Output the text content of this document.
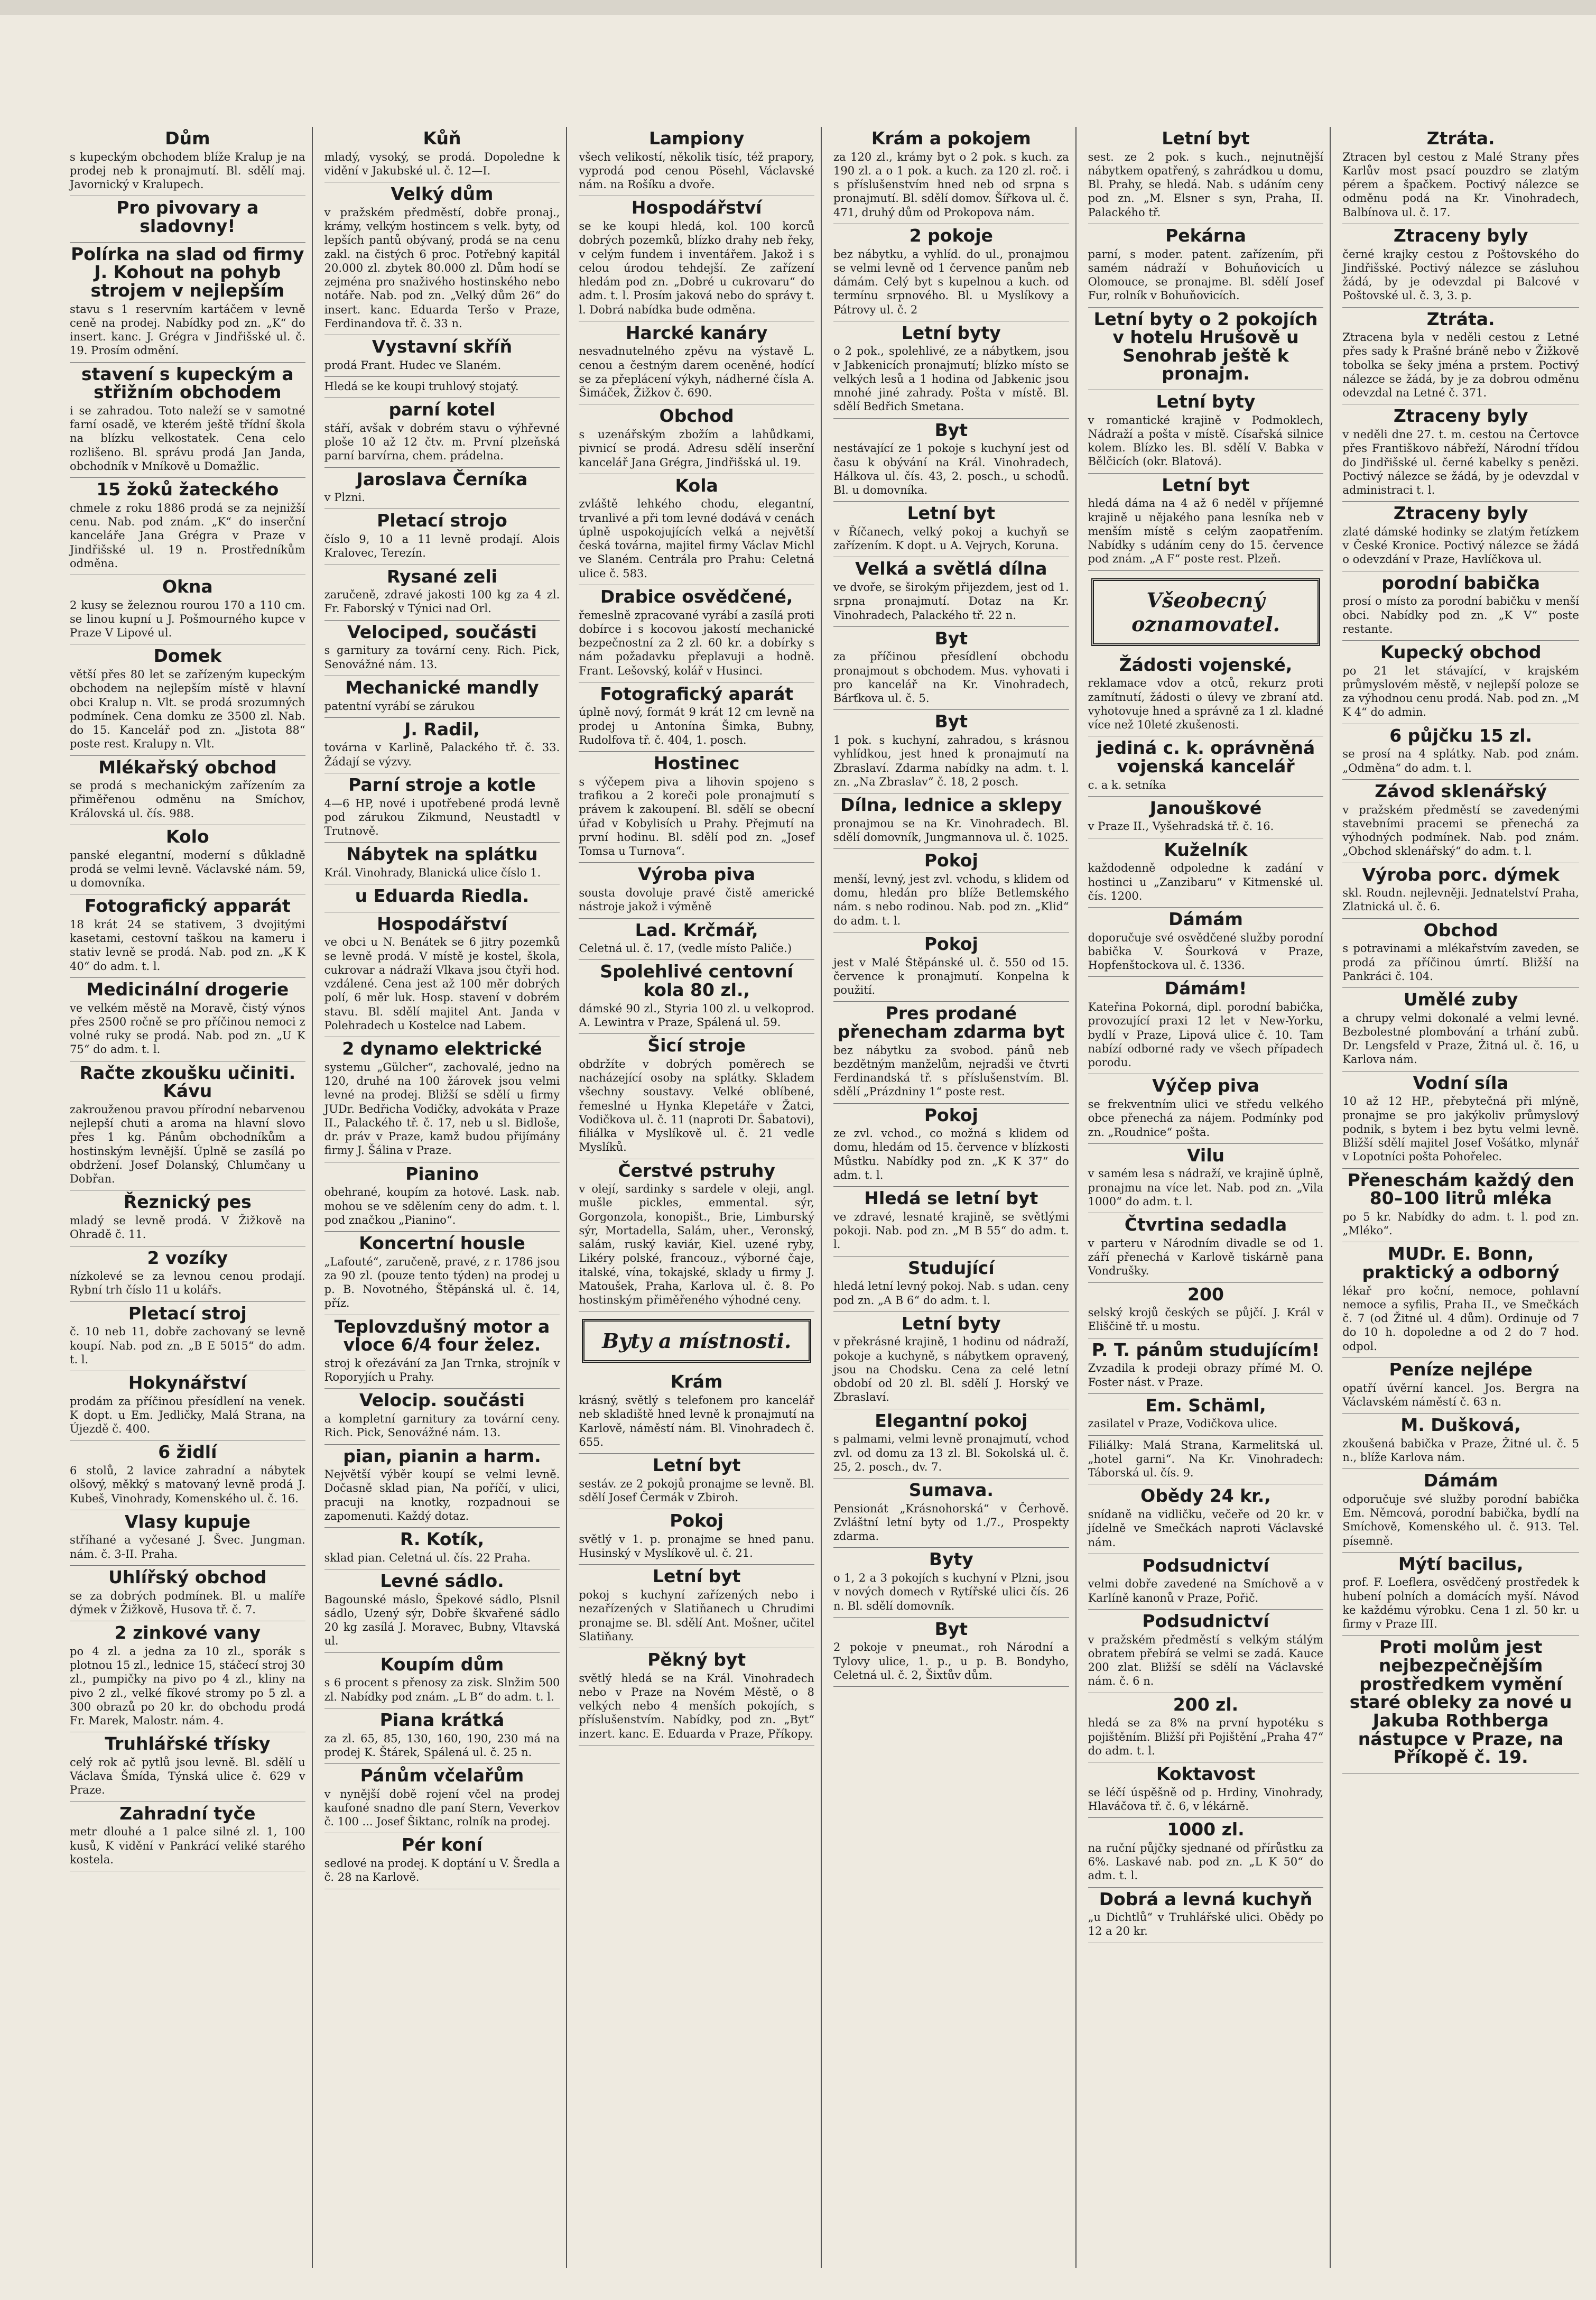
Dům

s kupeckým obchodem blíže Kralup je na prodej neb k pronajmutí. Bl. sdělí maj. Javornický v Kralupech.

Pro pivovary a sladovny!
Polírka na slad od firmy J. Kohout na pohyb strojem v nejlepším

stavu s 1 reservním kartáčem v levně ceně na prodej. Nabídky pod zn. „K“ do insert. kanc. J. Grégra v Jindřišské ul. č. 19. Prosím odmění.

stavení s kupeckým a střižním obchodem

i se zahradou. Toto naleží se v samotné farní osadě, ve kterém ještě třídní škola na blízku velkostatek. Cena celo rozlišeno. Bl. správu prodá Jan Janda, obchodník v Mníkově u Domažlic.

15 žoků žateckého

chmele z roku 1886 prodá se za nejnižší cenu. Nab. pod znám. „K“ do inserční kanceláře Jana Grégra v Praze v Jindřišské ul. 19 n. Prostředníkům odměna.

Okna

2 kusy se železnou rourou 170 a 110 cm. se linou kupní u J. Pošmourného kupce v Praze V Lipové ul.

Domek

větší přes 80 let se zařízeným kupeckým obchodem na nejlepším místě v hlavní obci Kralup n. Vlt. se prodá srozumných podmínek. Cena domku ze 3500 zl. Nab. do 15. Kancelář pod zn. „Jistota 88“ poste rest. Kralupy n. Vlt.

Mlékařský obchod

se prodá s mechanickým zařízením za přiměřenou odměnu na Smíchov, Královská ul. čís. 988.

Kolo

panské elegantní, moderní s důkladně prodá se velmi levně. Václavské nám. 59, u domovníka.

Fotografický apparát

18 krát 24 se stativem, 3 dvojitými kasetami, cestovní taškou na kameru i stativ levně se prodá. Nab. pod zn. „K K 40“ do adm. t. l.

Medicinální drogerie

ve velkém městě na Moravě, čistý výnos přes 2500 ročně se pro příčinou nemoci z volné ruky se prodá. Nab. pod zn. „U K 75“ do adm. t. l.

Račte zkoušku učiniti. Kávu

zakrouženou pravou přírodní nebarvenou nejlepší chuti a aroma na hlavní slovo přes 1 kg. Pánům obchodníkům a hostinským levnější. Úplně se zasílá po obdržení. Josef Dolanský, Chlumčany u Dobřan.

Řeznický pes

mladý se levně prodá. V Žižkově na Ohradě č. 11.

2 vozíky

nízkolevé se za levnou cenou prodají. Rybní trh číslo 11 u kolářs.

Pletací stroj

č. 10 neb 11, dobře zachovaný se levně koupí. Nab. pod zn. „B E 5015“ do adm. t. l.

Hokynářství

prodám za příčinou přesídlení na venek. K dopt. u Em. Jedličky, Malá Strana, na Újezdě č. 400.

6 židlí

6 stolů, 2 lavice zahradní a nábytek olšový, měkký s matovaný levně prodá J. Kubeš, Vinohrady, Komenského ul. č. 16.

Vlasy kupuje

stříhané a vyčesané J. Švec. Jungman. nám. č. 3-II. Praha.

Uhlířský obchod

se za dobrých podmínek. Bl. u malíře dýmek v Žižkově, Husova tř. č. 7.

2 zinkové vany

po 4 zl. a jedna za 10 zl., sporák s plotnou 15 zl., lednice 15, stáčecí stroj 30 zl., pumpičky na pivo po 4 zl., kliny na pivo 2 zl., velké fíkové stromy po 5 zl. a 300 obrazů po 20 kr. do obchodu prodá Fr. Marek, Malostr. nám. 4.

Truhlářské třísky

celý rok ač pytlů jsou levně. Bl. sdělí u Václava Šmída, Týnská ulice č. 629 v Praze.

Zahradní tyče

metr dlouhé a 1 palce silné zl. 1, 100 kusů, K vidění v Pankrácí veliké starého kostela.

Kůň

mladý, vysoký, se prodá. Dopoledne k vidění v Jakubské ul. č. 12—I.

Velký dům

v pražském předměstí, dobře pronaj., krámy, velkým hostincem s velk. byty, od lepších pantů obývaný, prodá se na cenu zakl. na čistých 6 proc. Potřebný kapitál 20.000 zl. zbytek 80.000 zl. Dům hodí se zejména pro snaživého hostinského nebo notáře. Nab. pod zn. „Velký dům 26“ do insert. kanc. Eduarda Teršo v Praze, Ferdinandova tř. č. 33 n.

Vystavní skříň

prodá Frant. Hudec ve Slaném.

Hledá se ke koupi truhlový stojatý.

parní kotel

stáří, avšak v dobrém stavu o výhřevné ploše 10 až 12 čtv. m. První plzeňská parní barvírna, chem. prádelna.

Jaroslava Černíka

v Plzni.

Pletací strojo

číslo 9, 10 a 11 levně prodají. Alois Kralovec, Terezín.

Rysané zeli

zaručeně, zdravé jakosti 100 kg za 4 zl. Fr. Faborský v Týnici nad Orl.

Velociped, součásti

s garnitury za tovární ceny. Rich. Pick, Senovážné nám. 13.

Mechanické mandly

patentní vyrábí se zárukou

J. Radil,

továrna v Karlině, Palackého tř. č. 33. Žádají se výzvy.

Parní stroje a kotle

4—6 HP, nové i upotřebené prodá levně pod zárukou Zikmund, Neustadtl v Trutnově.

Nábytek na splátku

Král. Vinohrady, Blanická ulice číslo 1.

u Eduarda Riedla.
Hospodářství

ve obci u N. Benátek se 6 jitry pozemků se levně prodá. V místě je kostel, škola, cukrovar a nádraží Vlkava jsou čtyři hod. vzdálené. Cena jest až 100 měr dobrých polí, 6 měr luk. Hosp. stavení v dobrém stavu. Bl. sdělí majitel Ant. Janda v Polehradech u Kostelce nad Labem.

2 dynamo elektrické

systemu „Gülcher“, zachovalé, jedno na 120, druhé na 100 žárovek jsou velmi levné na prodej. Bližší se sdělí u firmy JUDr. Bedřicha Vodičky, advokáta v Praze II., Palackého tř. č. 17, neb u sl. Bidloše, dr. práv v Praze, kamž budou přijímány firmy J. Šálina v Praze.

Pianino

obehrané, koupím za hotové. Lask. nab. mohou se ve sdělením ceny do adm. t. l. pod značkou „Pianino“.

Koncertní housle

„Lafouté“, zaručeně, pravé, z r. 1786 jsou za 90 zl. (pouze tento týden) na prodej u p. B. Novotného, Štěpánská ul. č. 14, příz.

Teplovzdušný motor a vloce 6/4 four želez.

stroj k ořezávání za Jan Trnka, strojník v Roporyjích u Prahy.

Velocip. součásti

a kompletní garnitury za tovární ceny. Rich. Pick, Senovážné nám. 13.

pian, pianin a harm.

Největší výběr koupí se velmi levně. Dočasně sklad pian, Na poříčí, v ulici, pracuji na knotky, rozpadnoui se zapomenuti. Každý dotaz.

R. Kotík,

sklad pian. Celetná ul. čís. 22 Praha.

Levné sádlo.

Bagounské máslo, Špekové sádlo, Plsnil sádlo, Uzený sýr, Dobře škvařené sádlo 20 kg zasílá J. Moravec, Bubny, Vltavská ul.

Koupím dům

s 6 procent s přenosy za zisk. Slnžim 500 zl. Nabídky pod znám. „L B“ do adm. t. l.

Piana krátká

za zl. 65, 85, 130, 160, 190, 230 má na prodej K. Štárek, Spálená ul. č. 25 n.

Pánům včelařům

v nynější době rojení včel na prodej kaufoné snadno dle paní Stern, Veverkov č. 100 ... Josef Šiktanc, rolník na prodej.

Pér koní

sedlové na prodej. K doptání u V. Šredla a č. 28 na Karlově.

Lampiony

všech velikostí, několik tisíc, též prapory, vyprodá pod cenou Pösehl, Václavské nám. na Rošíku a dvoře.

Hospodářství

se ke koupi hledá, kol. 100 korců dobrých pozemků, blízko drahy neb řeky, v celým fundem i inventářem. Jakož i s celou úrodou tehdejší. Ze zařízení hledám pod zn. „Dobré u cukrovaru“ do adm. t. l. Prosím jaková nebo do správy t. l. Dobrá nabídka bude odměna.

Harcké kanáry

nesvadnutelného zpěvu na výstavě L. cenou a čestným darem oceněné, hodící se za přeplácení výkyh, nádherné čísla A. Šimáček, Žižkov č. 690.

Obchod

s uzenářským zbožím a lahůdkami, pivnicí se prodá. Adresu sdělí inserční kancelář Jana Grégra, Jindřišská ul. 19.

Kola

zvláště lehkého chodu, elegantní, trvanlivé a při tom levné dodává v cenách úplně uspokojujících velká a největší česká továrna, majitel firmy Václav Michl ve Slaném. Centrála pro Prahu: Celetná ulice č. 583.

Drabice osvědčené,

řemeslně zpracované vyrábí a zasílá proti dobírce i s kocovou jakostí mechanické bezpečnostní za 2 zl. 60 kr. a dobírky s nám požadavku přeplavuji a hodně. Frant. Lešovský, kolář v Husinci.

Fotografický aparát

úplně nový, formát 9 krát 12 cm levně na prodej u Antonína Šimka, Bubny, Rudolfova tř. č. 404, 1. posch.

Hostinec

s výčepem piva a lihovin spojeno s trafikou a 2 koreči pole pronajmutí s právem k zakoupení. Bl. sdělí se obecní úřad v Kobylisích u Prahy. Přejmutí na první hodinu. Bl. sdělí pod zn. „Josef Tomsa u Turnova“.

Výroba piva

sousta dovoluje pravé čistě americké nástroje jakož i výměně

Lad. Krčmář,

Celetná ul. č. 17, (vedle místo Paliče.)

Spolehlivé centovní kola 80 zl.,

dámské 90 zl., Styria 100 zl. u velkoprod. A. Lewintra v Praze, Spálená ul. 59.

Šicí stroje

obdržíte v dobrých poměrech se nacházející osoby na splátky. Skladem všechny soustavy. Velké oblíbené, řemeslné u Hynka Klepetáře v Žatci, Vodičkova ul. č. 11 (naproti Dr. Šabatovi), filiálka v Myslíkově ul. č. 21 vedle Myslíků.

Čerstvé pstruhy

v olejí, sardinky s sardele v oleji, angl. mušle pickles, emmental. sýr, Gorgonzola, konopišt., Brie, Limburský sýr, Mortadella, Salám, uher., Veronský, salám, ruský kaviár, Kiel. uzené ryby, Likéry polské, francouz., výborné čaje, italské, vína, tokajské, sklady u firmy J. Matoušek, Praha, Karlova ul. č. 8. Po hostinským přiměřeného výhodné ceny.

Byty a místnosti.
Krám

krásný, světlý s telefonem pro kancelář neb skladiště hned levně k pronajmutí na Karlově, náměstí nám. Bl. Vinohradech č. 655.

Letní byt

sestáv. ze 2 pokojů pronajme se levně. Bl. sdělí Josef Čermák v Zbiroh.

Pokoj

světlý v 1. p. pronajme se hned panu. Husinský v Myslíkově ul. č. 21.

Letní byt

pokoj s kuchyní zařízených nebo i nezařízených v Slatiňanech u Chrudimi pronajme se. Bl. sdělí Ant. Mošner, učitel Slatiňany.

Pěkný byt

světlý hledá se na Král. Vinohradech nebo v Praze na Novém Městě, o 8 velkých nebo 4 menších pokojích, s příslušenstvím. Nabídky, pod zn. „Byt“ inzert. kanc. E. Eduarda v Praze, Příkopy.

Krám a pokojem

za 120 zl., krámy byt o 2 pok. s kuch. za 190 zl. a o 1 pok. a kuch. za 120 zl. roč. i s příslušenstvím hned neb od srpna s pronajmutí. Bl. sdělí domov. Šířkova ul. č. 471, druhý dům od Prokopova nám.

2 pokoje

bez nábytku, a vyhlíd. do ul., pronajmou se velmi levně od 1 července panům neb dámám. Celý byt s kupelnou a kuch. od termínu srpnového. Bl. u Myslíkovy a Pátrovy ul. č. 2

Letní byty

o 2 pok., spolehlivé, ze a nábytkem, jsou v Jabkenicích pronajmutí; blízko místo se velkých lesů a 1 hodina od Jabkenic jsou mnohé jiné zahrady. Pošta v místě. Bl. sdělí Bedřich Smetana.

Byt

nestávající ze 1 pokoje s kuchyní jest od času k obývání na Král. Vinohradech, Hálkova ul. čís. 43, 2. posch., u schodů. Bl. u domovníka.

Letní byt

v Říčanech, velký pokoj a kuchyň se zařízením. K dopt. u A. Vejrych, Koruna.

Velká a světlá dílna

ve dvoře, se širokým přijezdem, jest od 1. srpna pronajmutí. Dotaz na Kr. Vinohradech, Palackého tř. 22 n.

Byt

za příčinou přesídlení obchodu pronajmout s obchodem. Mus. vyhovati i pro kancelář na Kr. Vinohradech, Bárťkova ul. č. 5.

Byt

1 pok. s kuchyní, zahradou, s krásnou vyhlídkou, jest hned k pronajmutí na Zbraslaví. Zdarma nabídky na adm. t. l. zn. „Na Zbraslav“ č. 18, 2 posch.

Dílna, lednice a sklepy

pronajmou se na Kr. Vinohradech. Bl. sdělí domovník, Jungmannova ul. č. 1025.

Pokoj

menší, levný, jest zvl. vchodu, s klidem od domu, hledán pro blíže Betlemského nám. s nebo rodinou. Nab. pod zn. „Klid“ do adm. t. l.

Pokoj

jest v Malé Štěpánské ul. č. 550 od 15. července k pronajmutí. Konpelna k použití.

Pres prodané přenecham zdarma byt

bez nábytku za svobod. pánů neb bezdětným manželům, nejradši ve čtvrti Ferdinandská tř. s příslušenstvím. Bl. sdělí „Prázdniny 1“ poste rest.

Pokoj

ze zvl. vchod., co možná s klidem od domu, hledám od 15. července v blízkosti Můstku. Nabídky pod zn. „K K 37“ do adm. t. l.

Hledá se letní byt

ve zdravé, lesnaté krajině, se světlými pokoji. Nab. pod zn. „M B 55“ do adm. t. l.

Studující

hledá letní levný pokoj. Nab. s udan. ceny pod zn. „A B 6“ do adm. t. l.

Letní byty

v překrásné krajině, 1 hodinu od nádraží, pokoje a kuchyně, s nábytkem opravený, jsou na Chodsku. Cena za celé letní období od 20 zl. Bl. sdělí J. Horský ve Zbraslaví.

Elegantní pokoj

s palmami, velmi levně pronajmutí, vchod zvl. od domu za 13 zl. Bl. Sokolská ul. č. 25, 2. posch., dv. 7.

Sumava.

Pensionát „Krásnohorská“ v Čerhově. Zvláštní letní byty od 1./7., Prospekty zdarma.

Byty

o 1, 2 a 3 pokojích s kuchyní v Plzni, jsou v nových domech v Rytířské ulici čís. 26 n. Bl. sdělí domovník.

Byt

2 pokoje v pneumat., roh Národní a Tylovy ulice, 1. p., u p. B. Bondyho, Celetná ul. č. 2, Šixtův dům.

Letní byt

sest. ze 2 pok. s kuch., nejnutnější nábytkem opatřený, s zahrádkou u domu, Bl. Prahy, se hledá. Nab. s udáním ceny pod zn. „M. Elsner s syn, Praha, II. Palackého tř.

Pekárna

parní, s moder. patent. zařízením, při samém nádraží v Bohuňovicích u Olomouce, se pronajme. Bl. sdělí Josef Fur, rolník v Bohuňovicích.

Letní byty o 2 pokojích v hotelu Hrušově u Senohrab ještě k pronajm.
Letní byty

v romantické krajině v Podmoklech, Nádraží a pošta v místě. Císařská silnice kolem. Blízko les. Bl. sdělí V. Babka v Bělčicích (okr. Blatová).

Letní byt

hledá dáma na 4 až 6 neděl v příjemné krajině u nějakého pana lesníka neb v menším místě s celým zaopatřením. Nabídky s udáním ceny do 15. července pod znám. „A F“ poste rest. Plzeň.

Všeobecný oznamovatel.
Žádosti vojenské,

reklamace vdov a otců, rekurz proti zamítnutí, žádosti o úlevy ve zbraní atd. vyhotovuje hned a správně za 1 zl. kladné více než 10leté zkušenosti.

jediná c. k. oprávněná vojenská kancelář

c. a k. setníka

Janouškové

v Praze II., Vyšehradská tř. č. 16.

Kuželník

každodenně odpoledne k zadání v hostinci u „Zanzibaru“ v Kitmenské ul. čís. 1200.

Dámám

doporučuje své osvědčené služby porodní babička V. Šourková v Praze, Hopfenštockova ul. č. 1336.

Dámám!

Kateřina Pokorná, dipl. porodní babička, provozující praxi 12 let v New-Yorku, bydlí v Praze, Lipová ulice č. 10. Tam nabízí odborné rady ve všech případech porodu.

Výčep piva

se frekventním ulici ve středu velkého obce přenechá za nájem. Podmínky pod zn. „Roudnice“ pošta.

Vilu

v samém lesa s nádraží, ve krajině úplně, pronajmu na více let. Nab. pod zn. „Vila 1000“ do adm. t. l.

Čtvrtina sedadla

v parteru v Národním divadle se od 1. září přenechá v Karlově tiskárně pana Vondrušky.

200

selský krojů českých se půjčí. J. Král v Eliščině tř. u mostu.

P. T. pánům studujícím!

Zvzadila k prodeji obrazy přímé M. O. Foster nást. v Praze.

Em. Schäml,

zasilatel v Praze, Vodičkova ulice.

Filiálky: Malá Strana, Karmelitská ul. „hotel garni“. Na Kr. Vinohradech: Táborská ul. čís. 9.

Obědy 24 kr.,

snídaně na vidličku, večeře od 20 kr. v jídelně ve Smečkách naproti Václavské nám.

Podsudnictví

velmi dobře zavedené na Smíchově a v Karlíně kanonů v Praze, Pořič.

Podsudnictví

v pražském předměstí s velkým stálým obratem přebírá se velmi se zadá. Kauce 200 zlat. Bližší se sdělí na Václavské nám. č. 6 n.

200 zl.

hledá se za 8% na první hypotéku s pojištěním. Bližší při Pojištění „Praha 47“ do adm. t. l.

Koktavost

se léčí úspěšně od p. Hrdiny, Vinohrady, Hlaváčova tř. č. 6, v lékárně.

1000 zl.

na ruční půjčky sjednané od přírůstku za 6%. Laskavé nab. pod zn. „L K 50“ do adm. t. l.

Dobrá a levná kuchyň

„u Dichtlů“ v Truhlářské ulici. Obědy po 12 a 20 kr.

Ztráta.

Ztracen byl cestou z Malé Strany přes Karlův most psací pouzdro se zlatým pérem a špačkem. Poctivý nálezce se odměnu podá na Kr. Vinohradech, Balbínova ul. č. 17.

Ztraceny byly

černé krajky cestou z Poštovského do Jindřišské. Poctivý nálezce se zásluhou žádá, by je odevzdal pi Balcové v Poštovské ul. č. 3, 3. p.

Ztráta.

Ztracena byla v neděli cestou z Letné přes sady k Prašné bráně nebo v Žižkově tobolka se šeky jména a prstem. Poctivý nálezce se žádá, by je za dobrou odměnu odevzdal na Letné č. 371.

Ztraceny byly

v neděli dne 27. t. m. cestou na Čertovce přes Františkovo nábřeží, Národní třídou do Jindřišské ul. černé kabelky s penězi. Poctivý nálezce se žádá, by je odevzdal v administraci t. l.

Ztraceny byly

zlaté dámské hodinky se zlatým řetízkem v České Kronice. Poctivý nálezce se žádá o odevzdání v Praze, Havlíčkova ul.

porodní babička

prosí o místo za porodní babičku v menší obci. Nabídky pod zn. „K V“ poste restante.

Kupecký obchod

po 21 let stávající, v krajském průmyslovém městě, v nejlepší poloze se za výhodnou cenu prodá. Nab. pod zn. „M K 4“ do admin.

6 půjčku 15 zl.

se prosí na 4 splátky. Nab. pod znám. „Odměna“ do adm. t. l.

Závod sklenářský

v pražském předměstí se zavedenými stavebními pracemi se přenechá za výhodných podmínek. Nab. pod znám. „Obchod sklenářský“ do adm. t. l.

Výroba porc. dýmek

skl. Roudn. nejlevněji. Jednatelství Praha, Zlatnická ul. č. 6.

Obchod

s potravinami a mlékařstvím zaveden, se prodá za příčinou úmrtí. Bližší na Pankráci č. 104.

Umělé zuby

a chrupy velmi dokonalé a velmi levné. Bezbolestné plombování a trhání zubů. Dr. Lengsfeld v Praze, Žitná ul. č. 16, u Karlova nám.

Vodní síla

10 až 12 HP., přebytečná při mlýně, pronajme se pro jakýkoliv průmyslový podnik, s bytem i bez bytu velmi levně. Bližší sdělí majitel Josef Vošátko, mlynář v Lopotníci pošta Pohořelec.

Přeneschám každý den 80–100 litrů mléka

po 5 kr. Nabídky do adm. t. l. pod zn. „Mléko“.

MUDr. E. Bonn, praktický a odborný

lékař pro koční, nemoce, pohlavní nemoce a syfilis, Praha II., ve Smečkách č. 7 (od Žitné ul. 4 dům). Ordinuje od 7 do 10 h. dopoledne a od 2 do 7 hod. odpol.

Peníze nejlépe

opatří úvěrní kancel. Jos. Bergra na Václavském náměstí č. 63 n.

M. Dušková,

zkoušená babička v Praze, Žitné ul. č. 5 n., blíže Karlova nám.

Dámám

odporučuje své služby porodní babička Em. Němcová, porodní babička, bydlí na Smíchově, Komenského ul. č. 913. Tel. písemně.

Mýtí bacilus,

prof. F. Loeflera, osvědčený prostředek k hubení polních a domácích myší. Návod ke každému výrobku. Cena 1 zl. 50 kr. u firmy v Praze III.

Proti molům jest nejbezpečnějším prostředkem vymění staré obleky za nové u Jakuba Rothberga nástupce v Praze, na Příkopě č. 19.
